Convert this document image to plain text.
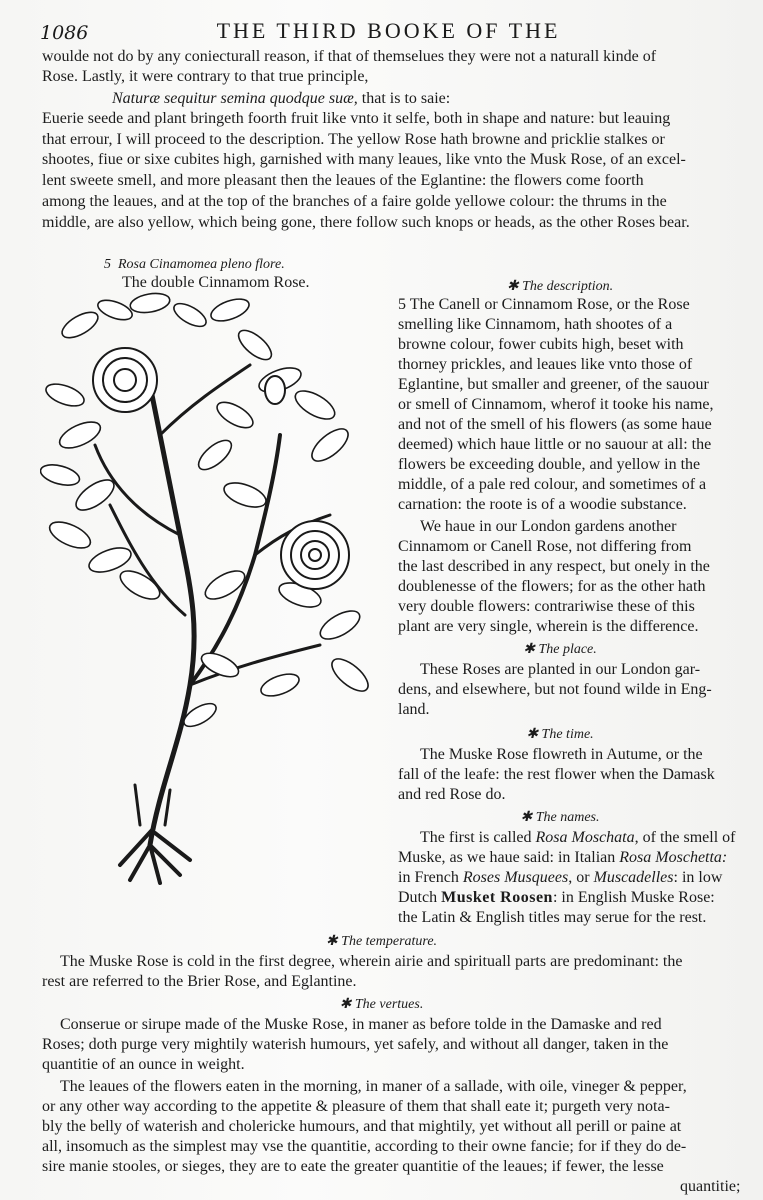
1086	THE THIRD BOOKE OF THE
woulde not do by any coniecturall reason, if that of themselues they were not a naturall kinde of
Rose. Lastly, it were contrary to that true principle,
Naturæ sequitur semina quodque suæ, that is to saie:
Euerie seede and plant bringeth foorth fruit like vnto it selfe, both in shape and nature: but leauing
that errour, I will proceed to the description. The yellow Rose hath browne and pricklie stalkes or
shootes, fiue or sixe cubites high, garnished with many leaues, like vnto the Musk Rose, of an excel-
lent sweete smell, and more pleasant then the leaues of the Eglantine: the flowers come foorth
among the leaues, and at the top of the branches of a faire golde yellowe colour: the thrums in the
middle, are also yellow, which being gone, there follow such knops or heads, as the other Roses bear.
5 Rosa Cinamomea pleno flore.
The double Cinnamom Rose.	✱ The description.
5 The Canell or Cinnamom Rose, or the Rose
smelling like Cinnamom, hath shootes of a
browne colour, fower cubits high, beset with
thorney prickles, and leaues like vnto those of
Eglantine, but smaller and greener, of the sauour
or smell of Cinnamom, wherof it tooke his name,
and not of the smell of his flowers (as some haue
deemed) which haue little or no sauour at all: the
flowers be exceeding double, and yellow in the
middle, of a pale red colour, and sometimes of a
carnation: the roote is of a woodie substance.
We haue in our London gardens another
Cinnamom or Canell Rose, not differing from
the last described in any respect, but onely in the
doublenesse of the flowers; for as the other hath
very double flowers: contrariwise these of this
plant are very single, wherein is the difference.
✱ The place.
These Roses are planted in our London gar-
dens, and elsewhere, but not found wilde in Eng-
land.
✱ The time.
The Muske Rose flowreth in Autume, or the
fall of the leafe: the rest flower when the Damask
and red Rose do.
✱ The names.
The first is called Rosa Moschata, of the smell of
Muske, as we haue said: in Italian Rosa Moschetta:
in French Roses Musquees, or Muscadelles: in low
Dutch Musket Roosen: in English Muske Rose:
the Latin & English titles may serue for the rest.
✱ The temperature.
The Muske Rose is cold in the first degree, wherein airie and spirituall parts are predominant: the
rest are referred to the Brier Rose, and Eglantine.
✱ The vertues.
Conserue or sirupe made of the Muske Rose, in maner as before tolde in the Damaske and red
Roses; doth purge very mightily waterish humours, yet safely, and without all danger, taken in the
quantitie of an ounce in weight.
The leaues of the flowers eaten in the morning, in maner of a sallade, with oile, vineger & pepper,
or any other way according to the appetite & pleasure of them that shall eate it; purgeth very nota-
bly the belly of waterish and cholericke humours, and that mightily, yet without all perill or paine at
all, insomuch as the simplest may vse the quantitie, according to their owne fancie; for if they do de-
sire manie stooles, or sieges, they are to eate the greater quantitie of the leaues; if fewer, the lesse
quantitie;
